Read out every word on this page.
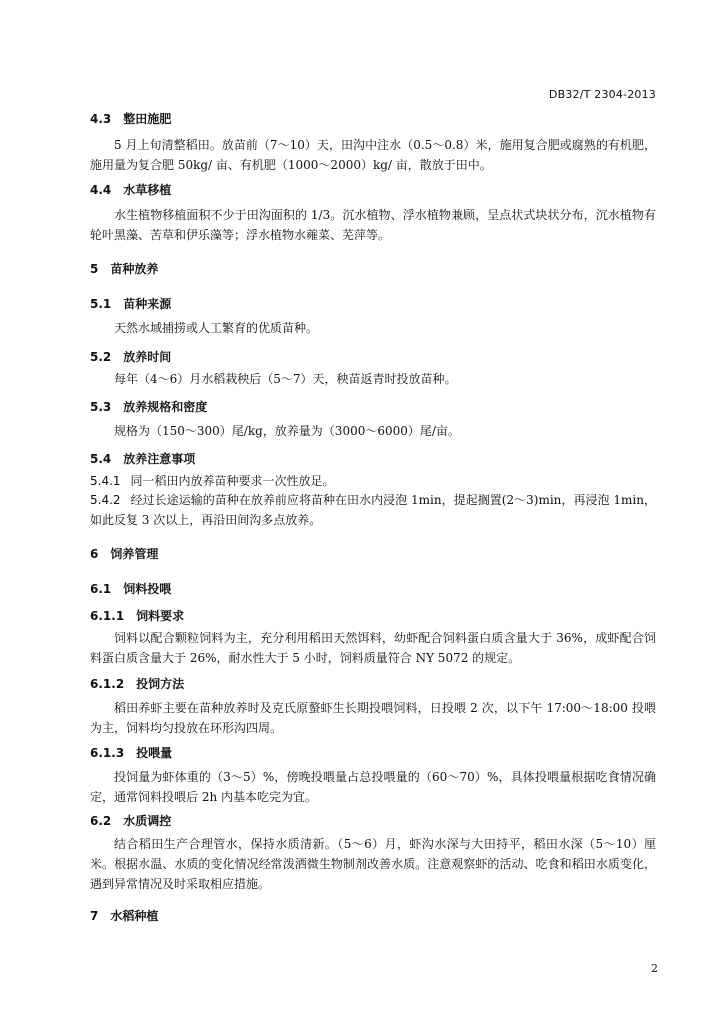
DB32/T 2304-2013
4.3 整田施肥

5 月上旬清整稻田。放苗前（7～10）天，田沟中注水（0.5～0.8）米，施用复合肥或腐熟的有机肥，施用量为复合肥 50kg/ 亩、有机肥（1000～2000）kg/ 亩，散放于田中。

4.4 水草移植

水生植物移植面积不少于田沟面积的 1/3。沉水植物、浮水植物兼顾，呈点状式块状分布，沉水植物有轮叶黑藻、苦草和伊乐藻等；浮水植物水蕹菜、芜萍等。

5 苗种放养
5.1 苗种来源

天然水域捕捞或人工繁育的优质苗种。

5.2 放养时间

每年（4～6）月水稻栽秧后（5～7）天，秧苗返青时投放苗种。

5.3 放养规格和密度

规格为（150～300）尾/kg，放养量为（3000～6000）尾/亩。

5.4 放养注意事项

5.4.1 同一稻田内放养苗种要求一次性放足。

5.4.2 经过长途运输的苗种在放养前应将苗种在田水内浸泡 1min，提起搁置(2～3)min，再浸泡 1min，如此反复 3 次以上，再沿田间沟多点放养。

6 饲养管理
6.1 饲料投喂
6.1.1 饲料要求

饲料以配合颗粒饲料为主，充分利用稻田天然饵料，幼虾配合饲料蛋白质含量大于 36%，成虾配合饲料蛋白质含量大于 26%，耐水性大于 5 小时，饲料质量符合 NY 5072 的规定。

6.1.2 投饲方法

稻田养虾主要在苗种放养时及克氏原螯虾生长期投喂饲料，日投喂 2 次，以下午 17:00～18:00 投喂为主，饲料均匀投放在环形沟四周。

6.1.3 投喂量

投饲量为虾体重的（3～5）%，傍晚投喂量占总投喂量的（60～70）%，具体投喂量根据吃食情况确定，通常饲料投喂后 2h 内基本吃完为宜。

6.2 水质调控

结合稻田生产合理管水，保持水质清新。（5～6）月，虾沟水深与大田持平，稻田水深（5～10）厘米。根据水温、水质的变化情况经常泼洒微生物制剂改善水质。注意观察虾的活动、吃食和稻田水质变化，遇到异常情况及时采取相应措施。

7 水稻种植
2
